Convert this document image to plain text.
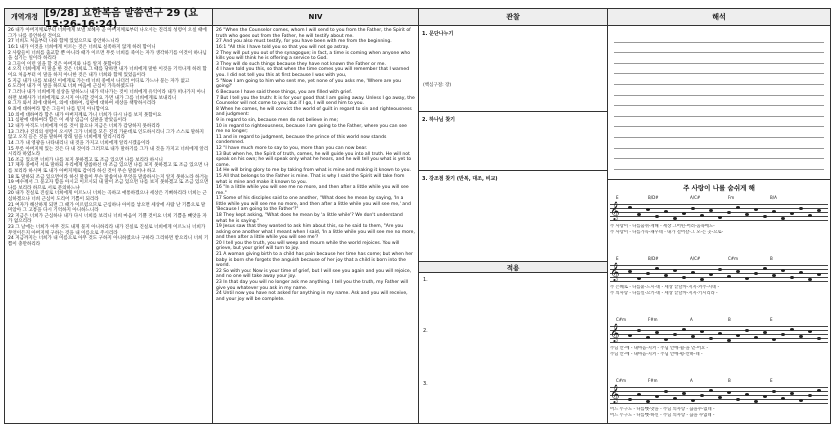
개역개정 [9/28] 요한복음 말씀연구 29 (요 15:26-16:24)
NIV	관찰	해석
26 내가 아버지께로부터 너희에게 보낼 보혜사 곧 아버지께로부터 나오시는 진리의 성령이 오실 때에 그가 나를 증언하실 것이요
27 너희도 처음부터 나와 함께 있었으므로 증언하느니라
16:1 내가 이것을 너희에게 이르는 것은 너희로 실족하지 않게 하려 함이니
2 사람들이 너희를 출교할 뿐 아니라 때가 이르면 무릇 너희를 죽이는 자가 생각하기를 이것이 하나님을 섬기는 일이라 하리라
3 그들이 이런 일을 할 것은 아버지와 나를 알지 못함이라
4 오직 너희에게 이 말을 한 것은 너희로 그 때를 당하면 내가 너희에게 말한 이것을 기억나게 하려 함이요 처음부터 이 말을 하지 아니한 것은 내가 너희와 함께 있었음이라
5 지금 내가 나를 보내신 이에게로 가는데 너희 중에서 나더러 어디로 가느냐 묻는 자가 없고
6 도리어 내가 이 말을 하므로 너희 마음에 근심이 가득하였도다
7 그러나 내가 너희에게 실상을 말하노니 내가 떠나가는 것이 너희에게 유익이라 내가 떠나가지 아니하면 보혜사가 너희에게로 오시지 아니할 것이요 가면 내가 그를 너희에게로 보내리니
8 그가 와서 죄에 대하여, 의에 대하여, 심판에 대하여 세상을 책망하시리라
9 죄에 대하여라 함은 그들이 나를 믿지 아니함이요
10 의에 대하여라 함은 내가 아버지께로 가니 너희가 다시 나를 보지 못함이요
11 심판에 대하여라 함은 이 세상 임금이 심판을 받았음이라
12 내가 아직도 너희에게 이를 것이 많으나 지금은 너희가 감당하지 못하리라
13 그러나 진리의 성령이 오시면 그가 너희를 모든 진리 가운데로 인도하시리니 그가 스스로 말하지 않고 오직 들은 것을 말하며 장래 일을 너희에게 알리시리라
14 그가 내 영광을 나타내리니 내 것을 가지고 너희에게 알리시겠음이라
15 무릇 아버지께 있는 것은 다 내 것이라 그러므로 내가 말하기를 그가 내 것을 가지고 너희에게 알리시리라 하였노라
16 조금 있으면 너희가 나를 보지 못하겠고 또 조금 있으면 나를 보리라 하시니
17 제자 중에서 서로 말하되 우리에게 말씀하신 바 조금 있으면 나를 보지 못하겠고 또 조금 있으면 나를 보리라 하시며 또 내가 아버지께로 감이라 하신 것이 무슨 말씀이냐 하고
18 또 말하되 조금 있으면이라 하신 말씀이 무슨 말씀이냐 무엇을 말씀하시는지 알지 못하노라 하거늘
19 예수께서 그 묻고자 함을 아시고 이르시되 내 말이 조금 있으면 나를 보지 못하겠고 또 조금 있으면 나를 보리라 하므로 서로 문의하느냐
20 내가 진실로 진실로 너희에게 이르노니 너희는 곡하고 애통하겠으나 세상은 기뻐하리라 너희는 근심하겠으나 너희 근심이 도리어 기쁨이 되리라
21 여자가 해산하게 되면 그 때가 이르렀으므로 근심하나 아이를 낳으면 세상에 사람 난 기쁨으로 말미암아 그 고통을 다시 기억하지 아니하느니라
22 지금은 너희가 근심하나 내가 다시 너희를 보리니 너희 마음이 기쁠 것이요 너희 기쁨을 빼앗을 자가 없으리라
23 그 날에는 너희가 아무 것도 내게 묻지 아니하리라 내가 진실로 진실로 너희에게 이르노니 너희가 무엇이든지 아버지께 구하는 것을 내 이름으로 주시리라
24 지금까지는 너희가 내 이름으로 아무 것도 구하지 아니하였으나 구하라 그리하면 받으리니 너희 기쁨이 충만하리라
26 "When the Counselor comes, whom I will send to you from the Father, the Spirit of truth who goes out from the Father, he will testify about me.
27 And you also must testify, for you have been with me from the beginning.
16:1 "All this I have told you so that you will not go astray.
2 They will put you out of the synagogue; in fact, a time is coming when anyone who kills you will think he is offering a service to God.
3 They will do such things because they have not known the Father or me.
4 I have told you this, so that when the time comes you will remember that I warned you. I did not tell you this at first because I was with you,
5 "Now I am going to him who sent me, yet none of you asks me, 'Where are you going?'
6 Because I have said these things, you are filled with grief.
7 But I tell you the truth: It is for your good that I am going away. Unless I go away, the Counselor will not come to you; but if I go, I will send him to you.
8 When he comes, he will convict the world of guilt in regard to sin and righteousness and judgment:
9 in regard to sin, because men do not believe in me;
10 in regard to righteousness, because I am going to the Father, where you can see me no longer;
11 and in regard to judgment, because the prince of this world now stands condemned.
12 "I have much more to say to you, more than you can now bear.
13 But when he, the Spirit of truth, comes, he will guide you into all truth. He will not speak on his own; he will speak only what he hears, and he will tell you what is yet to come.
14 He will bring glory to me by taking from what is mine and making it known to you.
15 All that belongs to the Father is mine. That is why I said the Spirit will take from what is mine and make it known to you.
16 "In a little while you will see me no more, and then after a little while you will see me."
17 Some of his disciples said to one another, "What does he mean by saying, 'In a little while you will see me no more, and then after a little while you will see me,' and 'Because I am going to the Father'?"
18 They kept asking, "What does he mean by 'a little while'? We don't understand what he is saying."
19 Jesus saw that they wanted to ask him about this, so he said to them, "Are you asking one another what I meant when I said, 'In a little while you will see me no more, and then after a little while you will see me'?
20 I tell you the truth, you will weep and mourn while the world rejoices. You will grieve, but your grief will turn to joy.
21 A woman giving birth to a child has pain because her time has come; but when her baby is born she forgets the anguish because of her joy that a child is born into the world.
22 So with you: Now is your time of grief, but I will see you again and you will rejoice, and no one will take away your joy.
23 In that day you will no longer ask me anything. I tell you the truth, my Father will give you whatever you ask in my name.
24 Until now you have not asked for anything in my name. Ask and you will receive, and your joy will be complete.
1. 문단나누기
(핵심구절: 장)
2. 하나님 찾기
3. 강조점 찾기 (반복, 대조, 비교)
적용
1.
2.
3.
주 사랑이 나를 숨쉬게 해
E	B/D#	A/C#	Fm	B/A
𝄞
주 사랑이 - 나를숨쉬-게해 - 세상 그어떤-어려-움속에도-
주 사랑이 - 나를가득-채우네 - 내가 걸어갈-그 모-든 곳-으로-
E	B/D#	A/C#	C#m	B
𝄞
주 은혜로 - 나를붙-드시-네 - 세상 끝날까-지지-켜주-시네 -
주 의사랑 - 나를일-으키-네 - 세상 끝날까-지지-키시리라 -
C#m	F#m	A	B	E
𝄞
주님 안-에 - 내마음-지켜 - 주님 안에-쉼-을 얻-어요 -
주님 안-에 - 내마음-지켜 - 주님 안에-평-안하-네 -
C#m	F#m	A	B	E
𝄞
어느 누구도 - 나를뺏-앗을 - 주님 의사랑 - 끊을수-없네 -
어느 누구도 - 나를뺏-하신 - 주님 의사랑 - 끊을 수없네 -
